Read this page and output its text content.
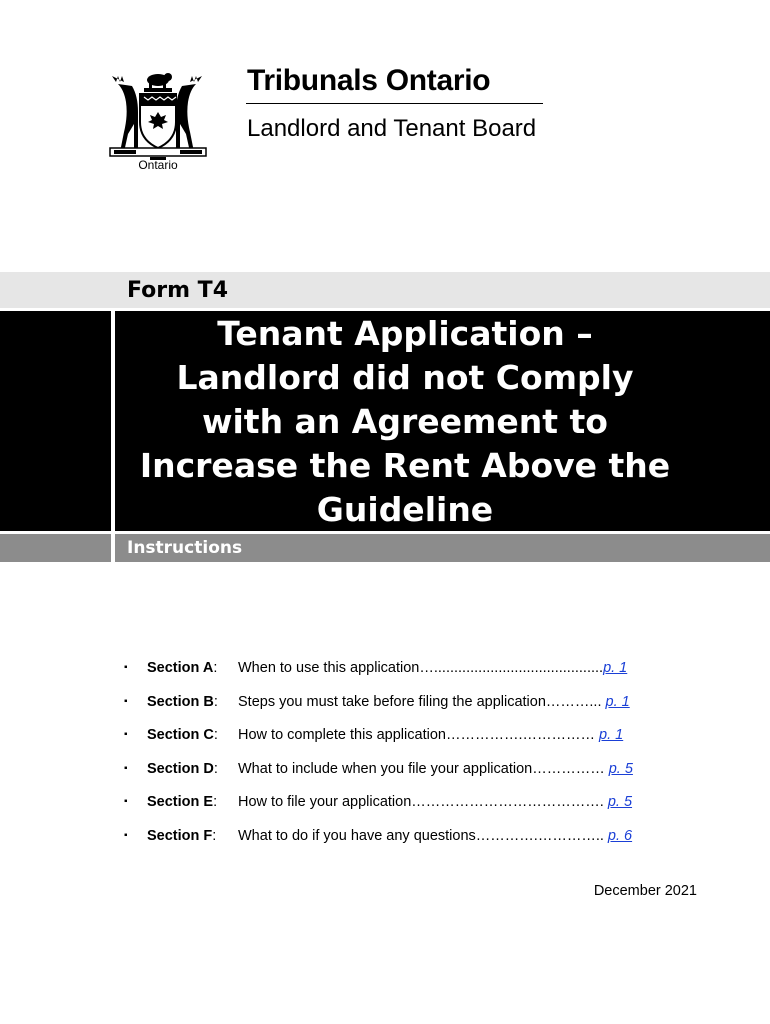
Ontario
Tribunals Ontario
Landlord and Tenant Board
Form T4
Tenant Application –
Landlord did not Comply
with an Agreement to
Increase the Rent Above the
Guideline
Instructions
▪ Section A: When to use this application…..........................................p. 1
▪ Section B: Steps you must take before filing the application………... p. 1
▪ Section C: How to complete this application…………….…………… p. 1
▪ Section D: What to include when you file your application…………… p. 5
▪ Section E: How to file your application…………………………………. p. 5
▪ Section F: What to do if you have any questions………….………….. p. 6
December 2021
